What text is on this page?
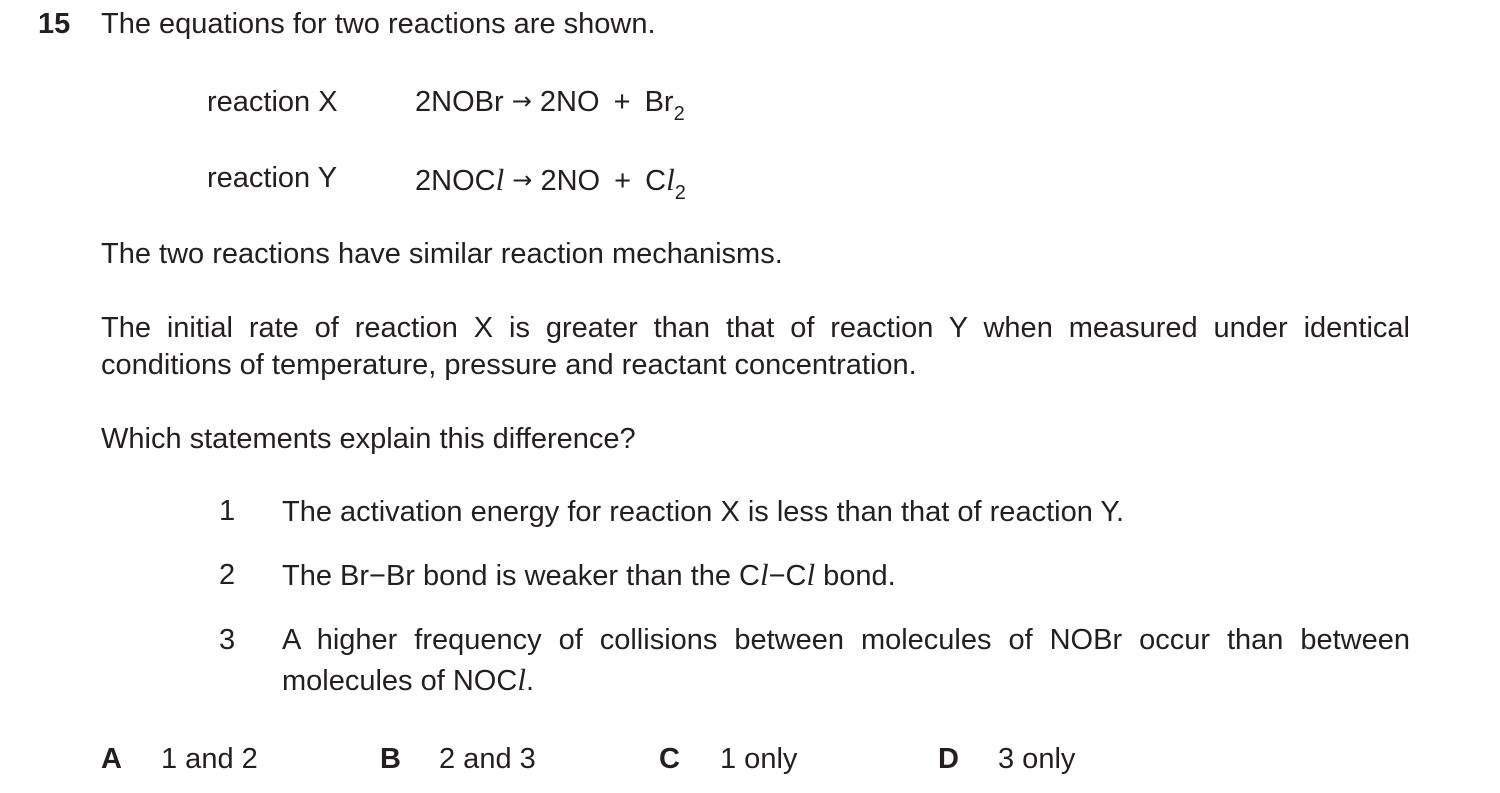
15 The equations for two reactions are shown.
reaction X	2NOBr → $2NO + Br_2$
reaction Y	2NOCl → $2NO + Cl_2$
The two reactions have similar reaction mechanisms.
The initial rate of reaction X is greater than that of reaction Y when measured under identical
conditions of temperature, pressure and reactant concentration.
Which statements explain this difference?
1 The activation energy for reaction X is less than that of reaction Y.
2 The Br−Br bond is weaker than the Cl−Cl bond.
3 A higher frequency of collisions between molecules of NOBr occur than between
molecules of NOCl.
A 1 and 2	B 2 and 3	C 1 only	D 3 only
